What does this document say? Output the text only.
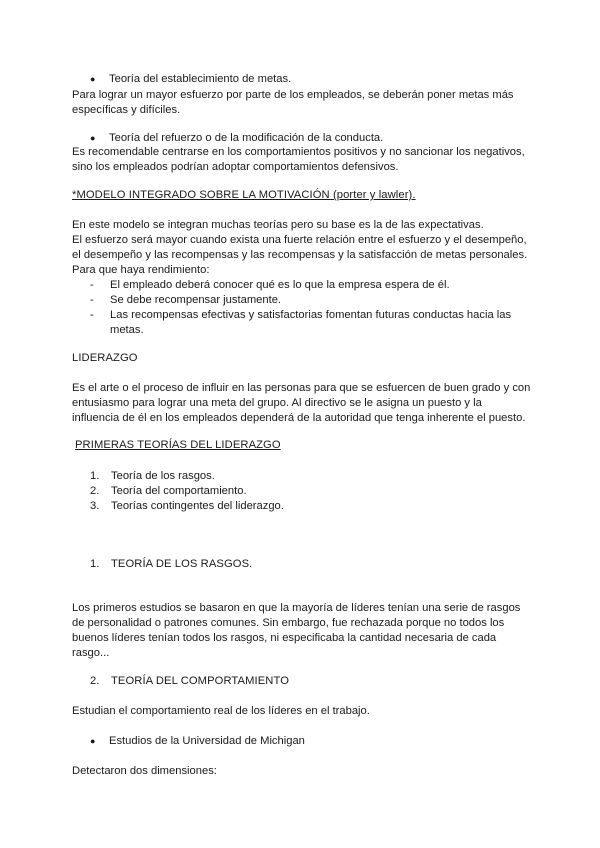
● Teoría del establecimiento de metas.
Para lograr un mayor esfuerzo por parte de los empleados, se deberán poner metas más
específicas y difíciles.
● Teoría del refuerzo o de la modificación de la conducta.
Es recomendable centrarse en los comportamientos positivos y no sancionar los negativos,
sino los empleados podrían adoptar comportamientos defensivos.
*MODELO INTEGRADO SOBRE LA MOTIVACIÓN (porter y lawler).
En este modelo se integran muchas teorías pero su base es la de las expectativas.
El esfuerzo será mayor cuando exista una fuerte relación entre el esfuerzo y el desempeño,
el desempeño y las recompensas y las recompensas y la satisfacción de metas personales.
Para que haya rendimiento:
- El empleado deberá conocer qué es lo que la empresa espera de él.
- Se debe recompensar justamente.
- Las recompensas efectivas y satisfactorias fomentan futuras conductas hacia las
metas.
LIDERAZGO
Es el arte o el proceso de influir en las personas para que se esfuercen de buen grado y con
entusiasmo para lograr una meta del grupo. Al directivo se le asigna un puesto y la
influencia de él en los empleados dependerá de la autoridad que tenga inherente el puesto.
PRIMERAS TEORÍAS DEL LIDERAZGO
1. Teoría de los rasgos.
2. Teoría del comportamiento.
3. Teorías contingentes del liderazgo.
1. TEORÍA DE LOS RASGOS.
Los primeros estudios se basaron en que la mayoría de líderes tenían una serie de rasgos
de personalidad o patrones comunes. Sin embargo, fue rechazada porque no todos los
buenos líderes tenían todos los rasgos, ni especificaba la cantidad necesaria de cada
rasgo...
2. TEORÍA DEL COMPORTAMIENTO
Estudian el comportamiento real de los líderes en el trabajo.
● Estudios de la Universidad de Michigan
Detectaron dos dimensiones:
